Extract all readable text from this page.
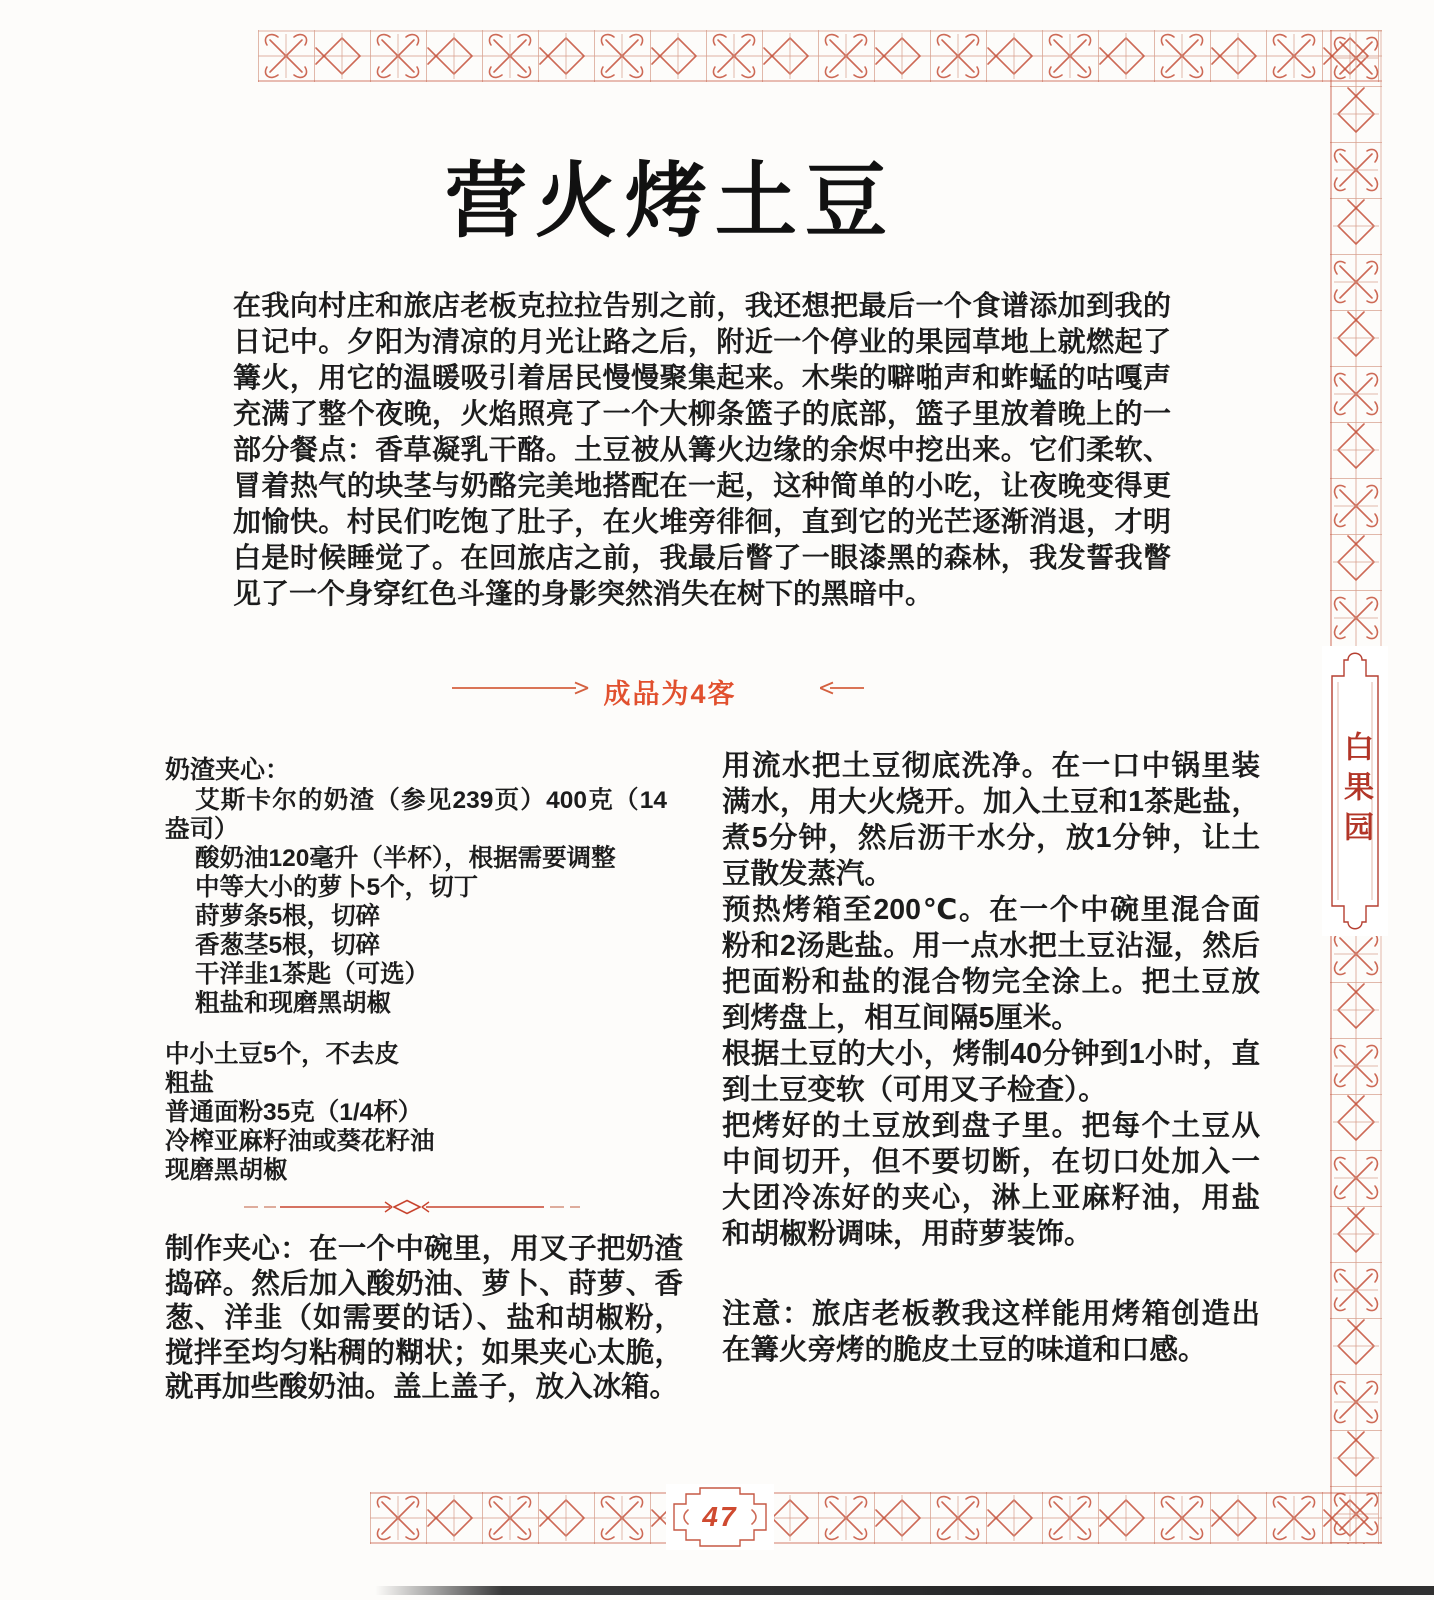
白果园
47
营火烤土豆
在我向村庄和旅店老板克拉拉告别之前，我还想把最后一个食谱添加到我的日记中。夕阳为清凉的月光让路之后，附近一个停业的果园草地上就燃起了篝火，用它的温暖吸引着居民慢慢聚集起来。木柴的噼啪声和蚱蜢的咕嘎声充满了整个夜晚，火焰照亮了一个大柳条篮子的底部，篮子里放着晚上的一部分餐点：香草凝乳干酪。土豆被从篝火边缘的余烬中挖出来。它们柔软、冒着热气的块茎与奶酪完美地搭配在一起，这种简单的小吃，让夜晚变得更加愉快。村民们吃饱了肚子，在火堆旁徘徊，直到它的光芒逐渐消退，才明白是时候睡觉了。在回旅店之前，我最后瞥了一眼漆黑的森林，我发誓我瞥见了一个身穿红色斗篷的身影突然消失在树下的黑暗中。
成品为4客
奶渣夹心：

艾斯卡尔的奶渣（参见239页）400克（14盎司）

酸奶油120毫升（半杯），根据需要调整

中等大小的萝卜5个，切丁

莳萝条5根，切碎

香葱茎5根，切碎

干洋韭1茶匙（可选）

粗盐和现磨黑胡椒

中小土豆5个，不去皮

粗盐

普通面粉35克（1/4杯）

冷榨亚麻籽油或葵花籽油

现磨黑胡椒

制作夹心：在一个中碗里，用叉子把奶渣捣碎。然后加入酸奶油、萝卜、莳萝、香葱、洋韭（如需要的话）、盐和胡椒粉，搅拌至均匀粘稠的糊状；如果夹心太脆，就再加些酸奶油。盖上盖子，放入冰箱。

用流水把土豆彻底洗净。在一口中锅里装满水，用大火烧开。加入土豆和1茶匙盐，煮5分钟，然后沥干水分，放1分钟，让土豆散发蒸汽。

预热烤箱至200℃。在一个中碗里混合面粉和2汤匙盐。用一点水把土豆沾湿，然后把面粉和盐的混合物完全涂上。把土豆放到烤盘上，相互间隔5厘米。

根据土豆的大小，烤制40分钟到1小时，直到土豆变软（可用叉子检查）。

把烤好的土豆放到盘子里。把每个土豆从中间切开，但不要切断，在切口处加入一大团冷冻好的夹心，淋上亚麻籽油，用盐和胡椒粉调味，用莳萝装饰。

注意：旅店老板教我这样能用烤箱创造出在篝火旁烤的脆皮土豆的味道和口感。
